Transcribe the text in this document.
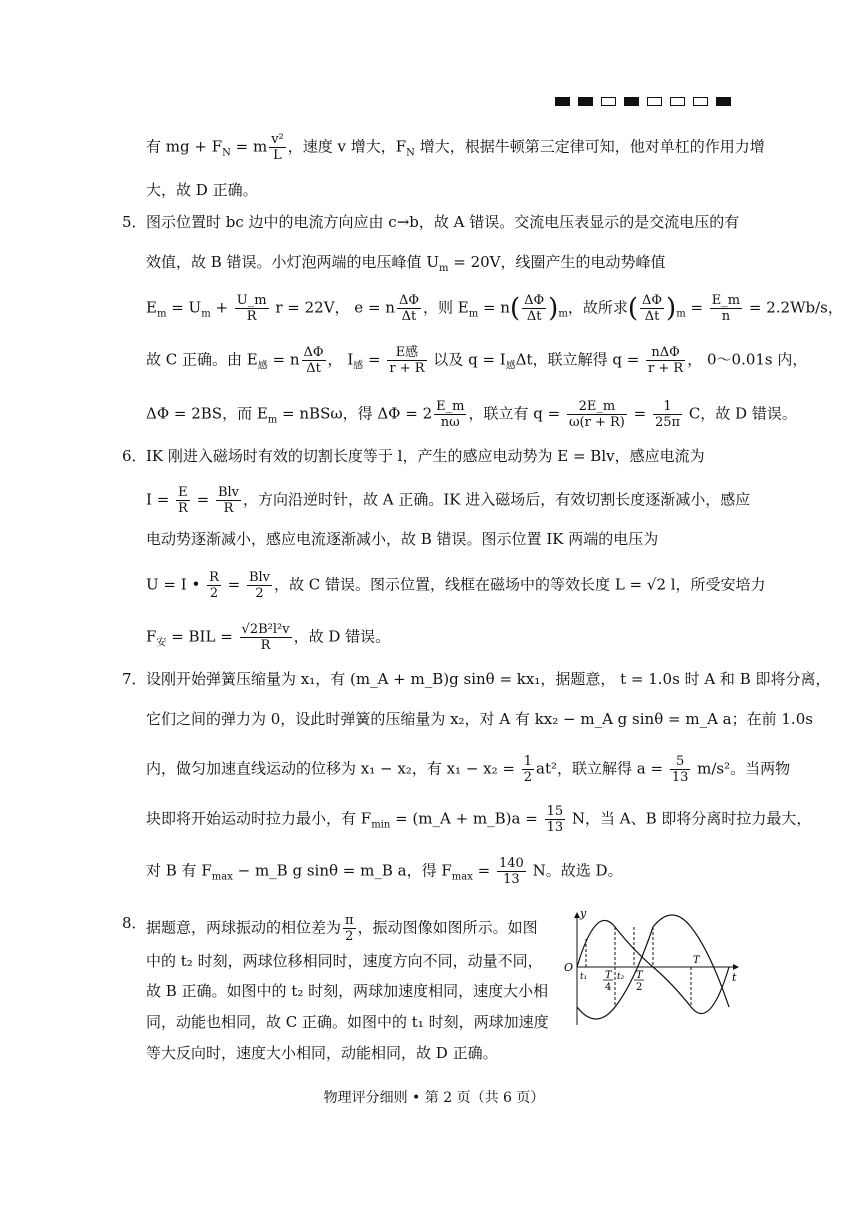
有 mg + $F_N = m \frac{\text{v²}}{L}$ ，速度 v 增大，$F_N$ 增大，根据牛顿第三定律可知，他对单杠的作用力增
大，故 D 正确。
5． 图示位置时 bc 边中的电流方向应由 c→b，故 A 错误。交流电压表显示的是交流电压的有
效值，故 B 错误。小灯泡两端的电压峰值 $U_m = 20V$，线圈产生的电动势峰值
$E_m = U_m + \frac{U\_m}{R}$ r = 22V， e = n $\frac{\Delta\Phi}{\Delta t}$ ，则 $E_m = n( \frac{\Delta\Phi}{\Delta t} )_m$，故所求( $\frac{\Delta\Phi}{\Delta t} )_m = \frac{E\_m}{n} = 2.2Wb/s$，
故 C 正确。由 $E_感 = n \frac{\Delta\Phi}{\Delta t}$ ， $I_感 = \frac{\text{E感}}{r + R}$ 以及 $q = I_感\Delta t$，联立解得 $q = \frac{\text{nΔΦ}}{r + R}$ ， 0～0.01s 内，
ΔΦ = 2BS，而 $E_m = nBS\omega$，得 $\Delta\Phi = 2 \frac{E\_m}{n\omega}$ ，联立有 $q = \frac{2E\_m}{\omega(r + R)} = \frac{1}{25\pi}$ C，故 D 错误。
6． IK 刚进入磁场时有效的切割长度等于 l，产生的感应电动势为 E = Blv，感应电流为
$I = \frac{E}{R} = \frac{\text{Blv}}{R}$ ，方向沿逆时针，故 A 正确。IK 进入磁场后，有效切割长度逐渐减小，感应
电动势逐渐减小，感应电流逐渐减小，故 B 错误。图示位置 IK 两端的电压为
U = I • $\frac{R}{2} = \frac{\text{Blv}}{2}$ ，故 C 错误。图示位置，线框在磁场中的等效长度 L = √2 l，所受安培力
$F_安$ = BIL = $\frac{\text{√2B²l²v}}{R}$ ，故 D 错误。
7． 设刚开始弹簧压缩量为 x₁，有 (m_A + m_B)g sinθ = kx₁，据题意， t = 1.0s 时 A 和 B 即将分离，
它们之间的弹力为 0，设此时弹簧的压缩量为 x₂，对 A 有 kx₂ − m_A g sinθ = m_A a；在前 1.0s
内，做匀加速直线运动的位移为 x₁ − x₂，有 $x_1 - x_2 = \frac{1}{2} at^2$，联立解得 $a = \frac{5}{13} m/s^2$。当两物
块即将开始运动时拉力最小，有 $F_{min}$ = (m_A + m_B)a = $\frac{15}{13}$ N，当 A、B 即将分离时拉力最大，
对 B 有 $F_{max}$ − m_B g sinθ = m_B a，得 $F_{max} = \frac{140}{13}$ N。故选 D。
8． 据题意，两球振动的相位差为 $\frac{\pi}{2}$ ，振动图像如图所示。如图
中的 t₂ 时刻，两球位移相同时，速度方向不同，动量不同，
故 B 正确。如图中的 t₂ 时刻，两球加速度相同，速度大小相
同，动能也相同，故 C 正确。如图中的 t₁ 时刻，两球加速度
等大反向时，速度大小相同，动能相同，故 D 正确。
y
t
O
t₁	t₂
T
4
T
2
T
物理评分细则 • 第 2 页（共 6 页）
